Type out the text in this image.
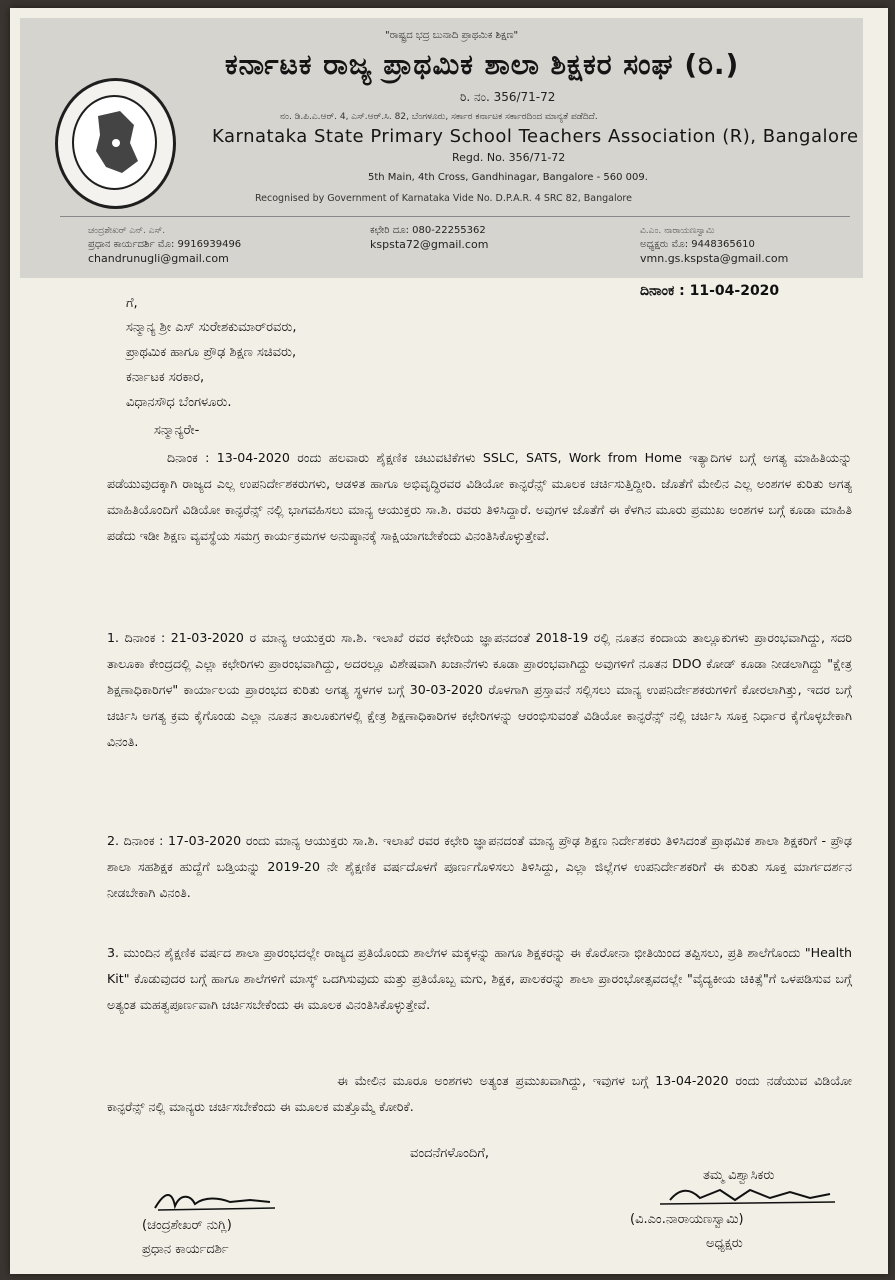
"ರಾಷ್ಟ್ರದ ಭದ್ರ ಬುನಾದಿ ಪ್ರಾಥಮಿಕ ಶಿಕ್ಷಣ"
ಕರ್ನಾಟಕ ರಾಜ್ಯ ಪ್ರಾಥಮಿಕ ಶಾಲಾ ಶಿಕ್ಷಕರ ಸಂಘ (ರಿ.)
ರಿ. ನಂ. 356/71-72
ನಂ. ಡಿ.ಪಿ.ಎ.ಆರ್. 4, ಎಸ್.ಆರ್.ಸಿ. 82, ಬೆಂಗಳೂರು, ಸರ್ಕಾರ ಕರ್ನಾಟಕ ಸರ್ಕಾರದಿಂದ ಮಾನ್ಯತೆ ಪಡೆದಿದೆ.
Karnataka State Primary School Teachers Association (R), Bangalore
Regd. No. 356/71-72
5th Main, 4th Cross, Gandhinagar, Bangalore - 560 009.
Recognised by Government of Karnataka Vide No. D.P.A.R. 4 SRC 82, Bangalore
ಚಂದ್ರಶೇಖರ್ ಎನ್. ಎಸ್.
ಪ್ರಧಾನ ಕಾರ್ಯದರ್ಶಿ ಮೊ: 9916939496
chandrunugli@gmail.com
ಕಛೇರಿ ದೂ: 080-22255362
kspsta72@gmail.com
ವಿ.ಎಂ. ನಾರಾಯಣಸ್ವಾಮಿ
ಅಧ್ಯಕ್ಷರು ಮೊ: 9448365610
vmn.gs.kspsta@gmail.com
ದಿನಾಂಕ : 11-04-2020
ಗೆ,
ಸನ್ಮಾನ್ಯ ಶ್ರೀ ಎಸ್ ಸುರೇಶಕುಮಾರ್‌ರವರು,
ಪ್ರಾಥಮಿಕ ಹಾಗೂ ಪ್ರೌಢ ಶಿಕ್ಷಣ ಸಚಿವರು,
ಕರ್ನಾಟಕ ಸರಕಾರ,
ವಿಧಾನಸೌಧ ಬೆಂಗಳೂರು.
ಸನ್ಮಾನ್ಯರೇ-
ದಿನಾಂಕ : 13-04-2020 ರಂದು ಹಲವಾರು ಶೈಕ್ಷಣಿಕ ಚಟುವಟಿಕೆಗಳು SSLC, SATS, Work from Home ಇತ್ಯಾದಿಗಳ ಬಗ್ಗೆ ಅಗತ್ಯ ಮಾಹಿತಿಯನ್ನು ಪಡೆಯುವುದಕ್ಕಾಗಿ ರಾಜ್ಯದ ಎಲ್ಲ ಉಪನಿರ್ದೇಶಕರುಗಳು, ಆಡಳಿತ ಹಾಗೂ ಅಭಿವೃದ್ಧಿರವರ ವಿಡಿಯೋ ಕಾನ್ಫರೆನ್ಸ್ ಮೂಲಕ ಚರ್ಚಿಸುತ್ತಿದ್ದೀರಿ. ಜೊತೆಗೆ ಮೇಲಿನ ಎಲ್ಲ ಅಂಶಗಳ ಕುರಿತು ಅಗತ್ಯ ಮಾಹಿತಿಯೊಂದಿಗೆ ವಿಡಿಯೋ ಕಾನ್ಫರೆನ್ಸ್ ನಲ್ಲಿ ಭಾಗವಹಿಸಲು ಮಾನ್ಯ ಆಯುಕ್ತರು ಸಾ.ಶಿ. ರವರು ತಿಳಿಸಿದ್ದಾರೆ. ಅವುಗಳ ಜೊತೆಗೆ ಈ ಕೆಳಗಿನ ಮೂರು ಪ್ರಮುಖ ಅಂಶಗಳ ಬಗ್ಗೆ ಕೂಡಾ ಮಾಹಿತಿ ಪಡೆದು ಇಡೀ ಶಿಕ್ಷಣ ವ್ಯವಸ್ಥೆಯ ಸಮಗ್ರ ಕಾರ್ಯಕ್ರಮಗಳ ಅನುಷ್ಠಾನಕ್ಕೆ ಸಾಕ್ಷಿಯಾಗಬೇಕೆಂದು ವಿನಂತಿಸಿಕೊಳ್ಳುತ್ತೇವೆ.
1. ದಿನಾಂಕ : 21-03-2020 ರ ಮಾನ್ಯ ಆಯುಕ್ತರು ಸಾ.ಶಿ. ಇಲಾಖೆ ರವರ ಕಛೇರಿಯ ಜ್ಞಾಪನದಂತೆ 2018-19 ರಲ್ಲಿ ನೂತನ ಕಂದಾಯ ತಾಲ್ಲೂಕುಗಳು ಪ್ರಾರಂಭವಾಗಿದ್ದು, ಸದರಿ ತಾಲೂಕಾ ಕೇಂದ್ರದಲ್ಲಿ ಎಲ್ಲಾ ಕಛೇರಿಗಳು ಪ್ರಾರಂಭವಾಗಿದ್ದು, ಅದರಲ್ಲೂ ವಿಶೇಷವಾಗಿ ಖಜಾನೆಗಳು ಕೂಡಾ ಪ್ರಾರಂಭವಾಗಿದ್ದು ಅವುಗಳಿಗೆ ನೂತನ DDO ಕೋಡ್ ಕೂಡಾ ನೀಡಲಾಗಿದ್ದು "ಕ್ಷೇತ್ರ ಶಿಕ್ಷಣಾಧಿಕಾರಿಗಳ" ಕಾರ್ಯಾಲಯ ಪ್ರಾರಂಭದ ಕುರಿತು ಅಗತ್ಯ ಸ್ಥಳಗಳ ಬಗ್ಗೆ 30-03-2020 ರೊಳಗಾಗಿ ಪ್ರಸ್ತಾವನೆ ಸಲ್ಲಿಸಲು ಮಾನ್ಯ ಉಪನಿರ್ದೇಶಕರುಗಳಿಗೆ ಕೋರಲಾಗಿತ್ತು, ಇದರ ಬಗ್ಗೆ ಚರ್ಚಿಸಿ ಅಗತ್ಯ ಕ್ರಮ ಕೈಗೊಂಡು ಎಲ್ಲಾ ನೂತನ ತಾಲೂಕುಗಳಲ್ಲಿ ಕ್ಷೇತ್ರ ಶಿಕ್ಷಣಾಧಿಕಾರಿಗಳ ಕಛೇರಿಗಳನ್ನು ಆರಂಭಿಸುವಂತೆ ವಿಡಿಯೋ ಕಾನ್ಫರೆನ್ಸ್ ನಲ್ಲಿ ಚರ್ಚಿಸಿ ಸೂಕ್ತ ನಿರ್ಧಾರ ಕೈಗೊಳ್ಳಬೇಕಾಗಿ ವಿನಂತಿ.
2. ದಿನಾಂಕ : 17-03-2020 ರಂದು ಮಾನ್ಯ ಆಯುಕ್ತರು ಸಾ.ಶಿ. ಇಲಾಖೆ ರವರ ಕಛೇರಿ ಜ್ಞಾಪನದಂತೆ ಮಾನ್ಯ ಪ್ರೌಢ ಶಿಕ್ಷಣ ನಿರ್ದೇಶಕರು ತಿಳಿಸಿದಂತೆ ಪ್ರಾಥಮಿಕ ಶಾಲಾ ಶಿಕ್ಷಕರಿಗೆ - ಪ್ರೌಢ ಶಾಲಾ ಸಹಶಿಕ್ಷಕ ಹುದ್ದೆಗೆ ಬಡ್ತಿಯನ್ನು 2019-20 ನೇ ಶೈಕ್ಷಣಿಕ ವರ್ಷದೊಳಗೆ ಪೂರ್ಣಗೊಳಿಸಲು ತಿಳಿಸಿದ್ದು, ಎಲ್ಲಾ ಜಿಲ್ಲೆಗಳ ಉಪನಿರ್ದೇಶಕರಿಗೆ ಈ ಕುರಿತು ಸೂಕ್ತ ಮಾರ್ಗದರ್ಶನ ನೀಡಬೇಕಾಗಿ ವಿನಂತಿ.
3. ಮುಂದಿನ ಶೈಕ್ಷಣಿಕ ವರ್ಷದ ಶಾಲಾ ಪ್ರಾರಂಭದಲ್ಲೇ ರಾಜ್ಯದ ಪ್ರತಿಯೊಂದು ಶಾಲೆಗಳ ಮಕ್ಕಳನ್ನು ಹಾಗೂ ಶಿಕ್ಷಕರನ್ನು ಈ ಕೊರೋನಾ ಭೀತಿಯಿಂದ ತಪ್ಪಿಸಲು, ಪ್ರತಿ ಶಾಲೆಗೊಂದು "Health Kit" ಕೊಡುವುದರ ಬಗ್ಗೆ ಹಾಗೂ ಶಾಲೆಗಳಿಗೆ ಮಾಸ್ಕ್ ಒದಗಿಸುವುದು ಮತ್ತು ಪ್ರತಿಯೊಬ್ಬ ಮಗು, ಶಿಕ್ಷಕ, ಪಾಲಕರನ್ನು ಶಾಲಾ ಪ್ರಾರಂಭೋತ್ಸವದಲ್ಲೇ "ವೈದ್ಯಕೀಯ ಚಿಕಿತ್ಸೆ"ಗೆ ಒಳಪಡಿಸುವ ಬಗ್ಗೆ ಅತ್ಯಂತ ಮಹತ್ವಪೂರ್ಣವಾಗಿ ಚರ್ಚಿಸಬೇಕೆಂದು ಈ ಮೂಲಕ ವಿನಂತಿಸಿಕೊಳ್ಳುತ್ತೇವೆ.
ಈ ಮೇಲಿನ ಮೂರೂ ಅಂಶಗಳು ಅತ್ಯಂತ ಪ್ರಮುಖವಾಗಿದ್ದು, ಇವುಗಳ ಬಗ್ಗೆ 13-04-2020 ರಂದು ನಡೆಯುವ ವಿಡಿಯೋ ಕಾನ್ಫರೆನ್ಸ್ ನಲ್ಲಿ ಮಾನ್ಯರು ಚರ್ಚಿಸಬೇಕೆಂದು ಈ ಮೂಲಕ ಮತ್ತೊಮ್ಮೆ ಕೋರಿಕೆ.
ವಂದನೆಗಳೊಂದಿಗೆ,
ತಮ್ಮ ವಿಶ್ವಾಸಿಕರು
(ಚಂದ್ರಶೇಖರ್ ನುಗ್ಲಿ)
ಪ್ರಧಾನ ಕಾರ್ಯದರ್ಶಿ
(ವಿ.ಎಂ.ನಾರಾಯಣಸ್ವಾಮಿ)
ಅಧ್ಯಕ್ಷರು
